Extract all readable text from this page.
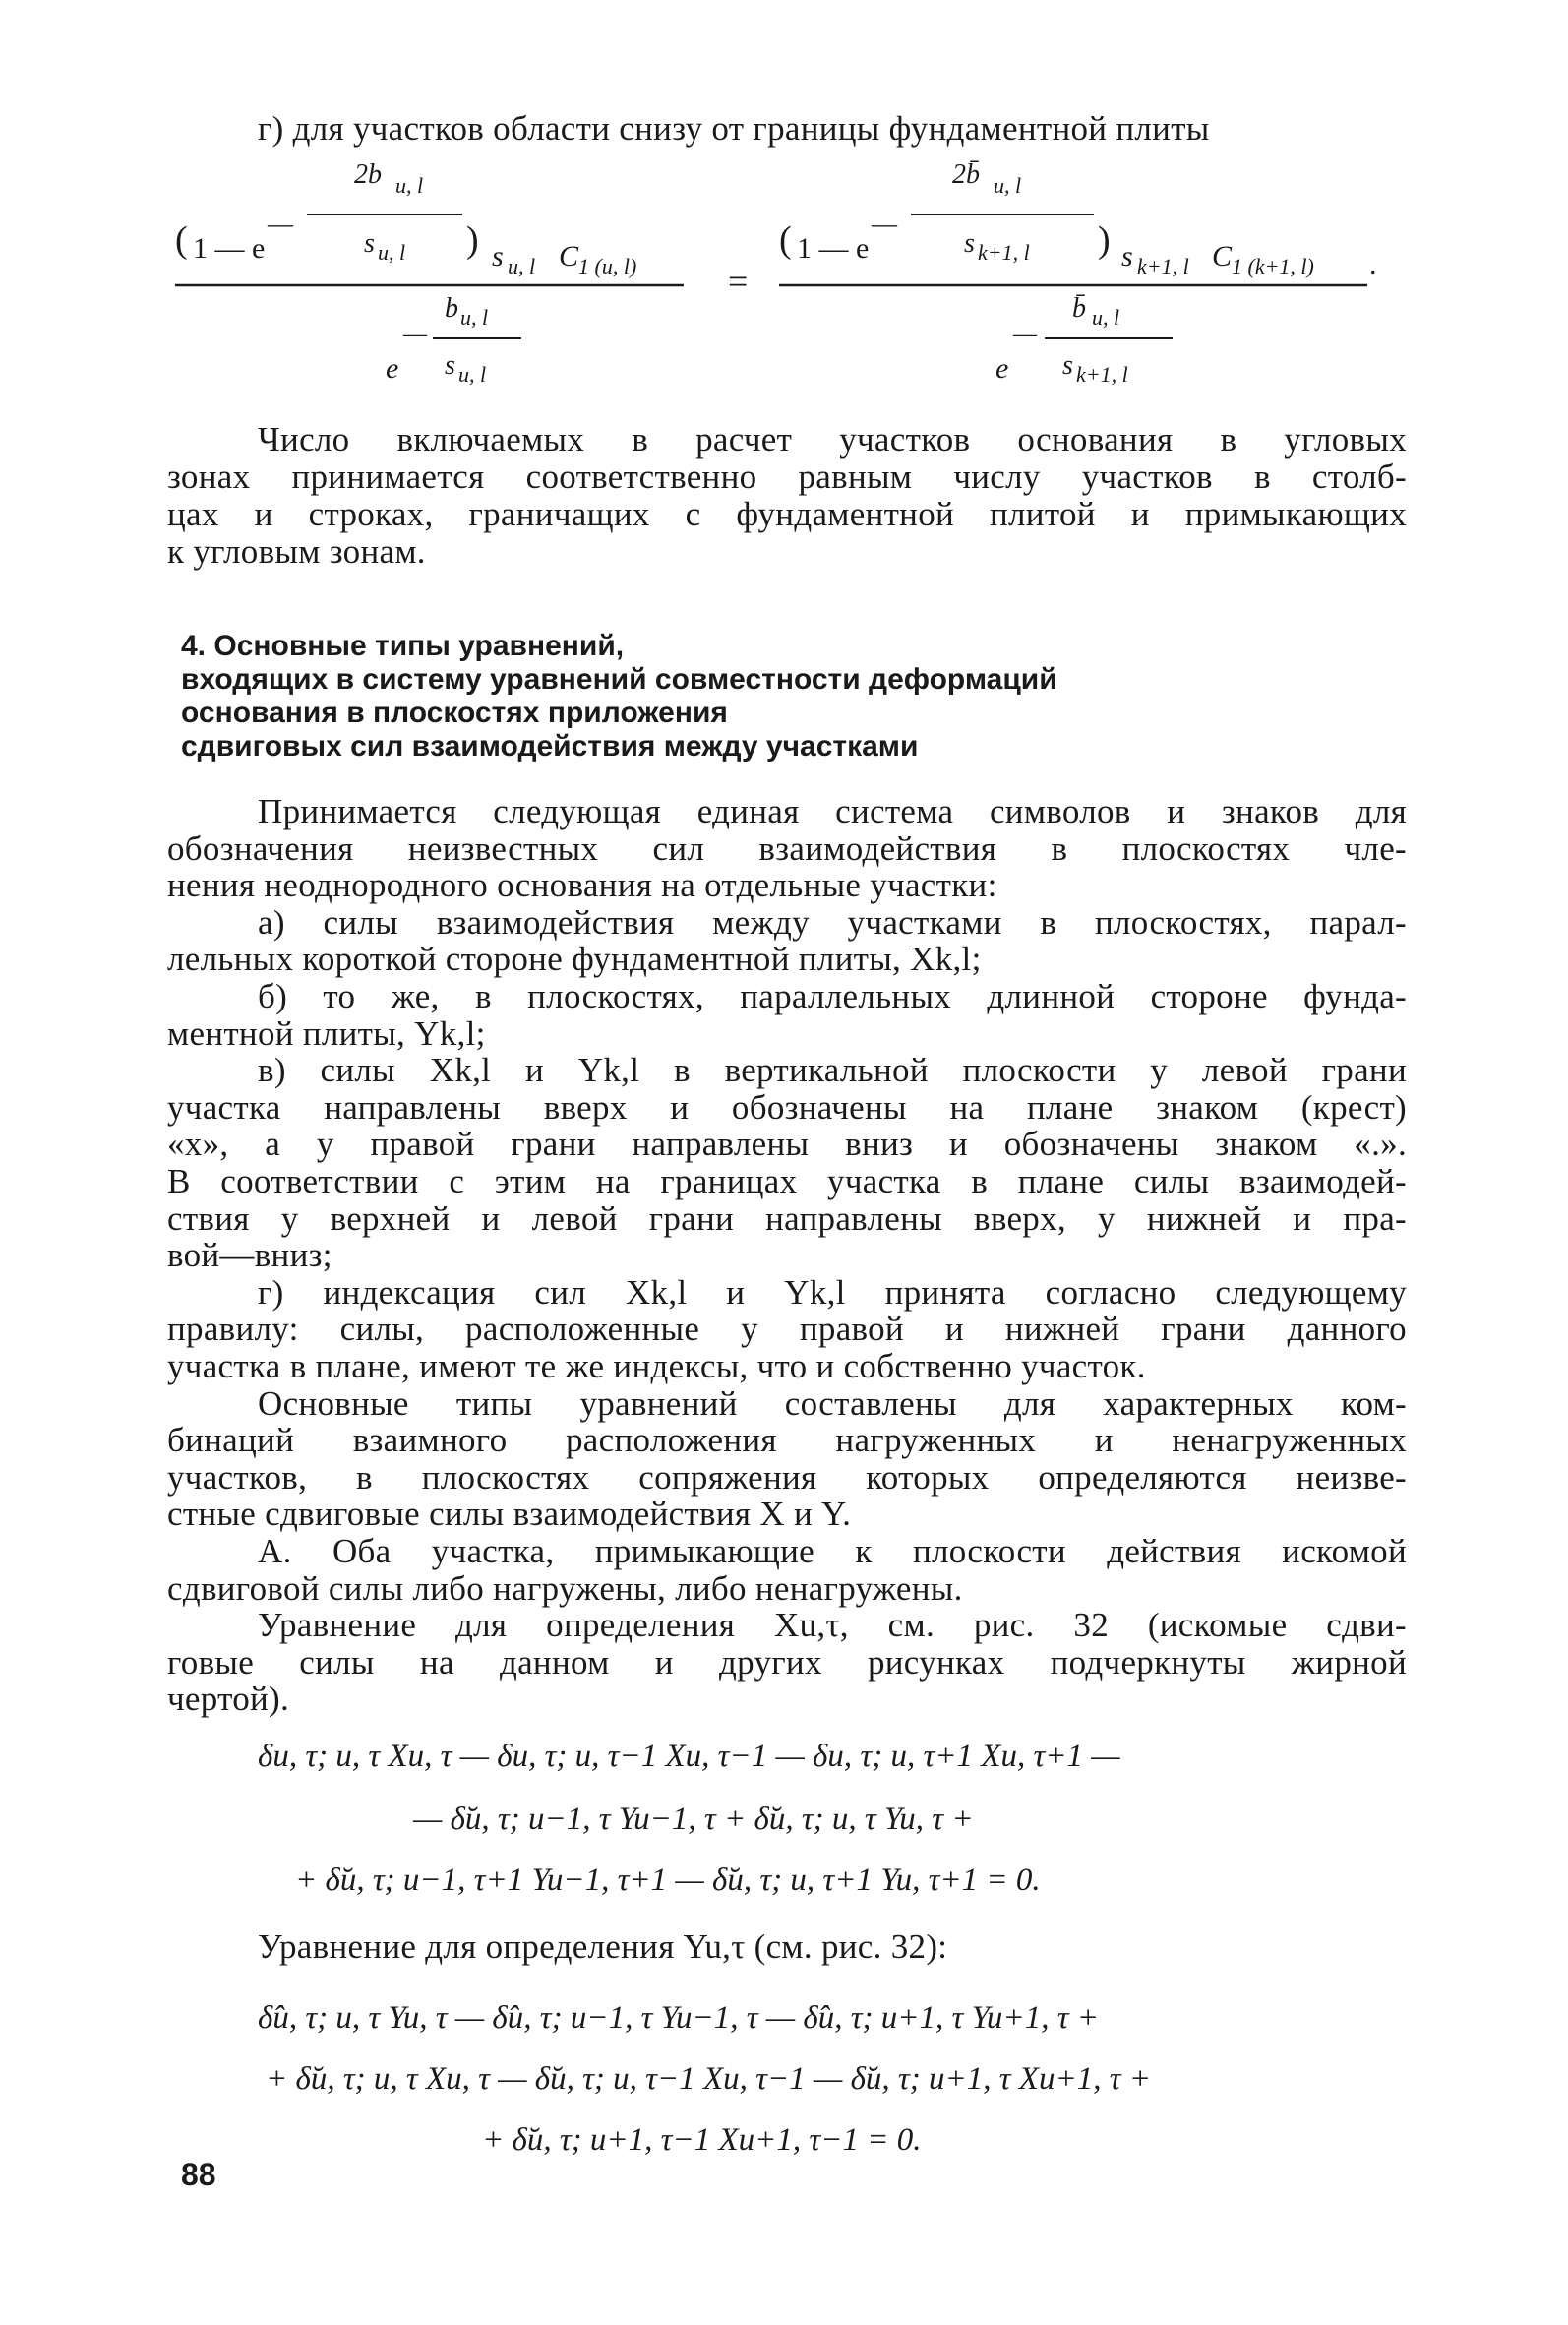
г) для участков области снизу от границы фундаментной плиты
( 1 — e
—
2b u, l
s u, l ) s u, l C 1 (u, l)
e
—
b u, l
s u, l
=
( 1 — e
—
2b̄ u, l
s k+1, l ) s k+1, l C 1 (k+1, l) .
e
—
b̄ u, l
s k+1, l
Число включаемых в расчет участков основания в угловых
зонах принимается соответственно равным числу участков в столб-
цах и строках, граничащих с фундаментной плитой и примыкающих
к угловым зонам.
4. Основные типы уравнений,
входящих в систему уравнений совместности деформаций
основания в плоскостях приложения
сдвиговых сил взаимодействия между участками
Принимается следующая единая система символов и знаков для
обозначения неизвестных сил взаимодействия в плоскостях чле-
нения неоднородного основания на отдельные участки:
а) силы взаимодействия между участками в плоскостях, парал-
лельных короткой стороне фундаментной плиты, Xk,l;
б) то же, в плоскостях, параллельных длинной стороне фунда-
ментной плиты, Yk,l;
в) силы Xk,l и Yk,l в вертикальной плоскости у левой грани
участка направлены вверх и обозначены на плане знаком (крест)
«х», а у правой грани направлены вниз и обозначены знаком «.».
В соответствии с этим на границах участка в плане силы взаимодей-
ствия у верхней и левой грани направлены вверх, у нижней и пра-
вой—вниз;
г) индексация сил Xk,l и Yk,l принята согласно следующему
правилу: силы, расположенные у правой и нижней грани данного
участка в плане, имеют те же индексы, что и собственно участок.
Основные типы уравнений составлены для характерных ком-
бинаций взаимного расположения нагруженных и ненагруженных
участков, в плоскостях сопряжения которых определяются неизве-
стные сдвиговые силы взаимодействия X и Y.
А. Оба участка, примыкающие к плоскости действия искомой
сдвиговой силы либо нагружены, либо ненагружены.
Уравнение для определения Xu,τ, см. рис. 32 (искомые сдви-
говые силы на данном и других рисунках подчеркнуты жирной
чертой).
δu, τ; u, τ Xu, τ — δu, τ; u, τ−1 Xu, τ−1 — δu, τ; u, τ+1 Xu, τ+1 —
— δ̆u, τ; u−1, τ Yu−1, τ + δ̆u, τ; u, τ Yu, τ +
+ δ̆u, τ; u−1, τ+1 Yu−1, τ+1 — δ̆u, τ; u, τ+1 Yu, τ+1 = 0.
Уравнение для определения Yu,τ (см. рис. 32):
δ̂u, τ; u, τ Yu, τ — δ̂u, τ; u−1, τ Yu−1, τ — δ̂u, τ; u+1, τ Yu+1, τ +
+ δ̆u, τ; u, τ Xu, τ — δ̆u, τ; u, τ−1 Xu, τ−1 — δ̆u, τ; u+1, τ Xu+1, τ +
+ δ̆u, τ; u+1, τ−1 Xu+1, τ−1 = 0.
88
